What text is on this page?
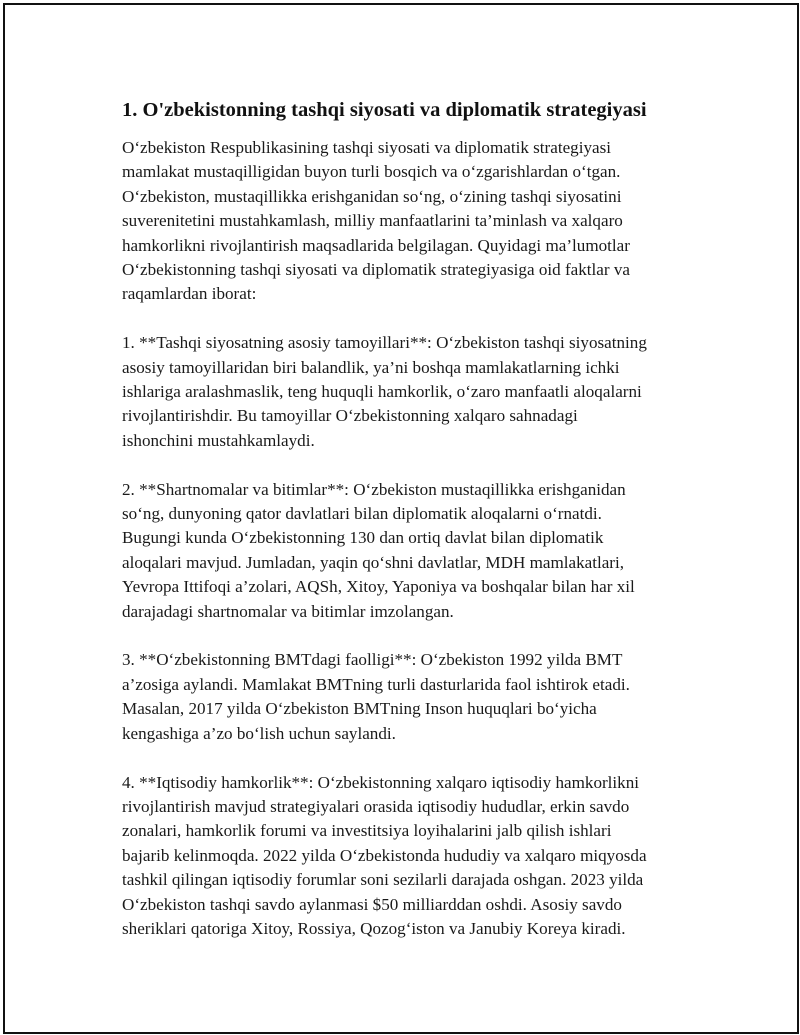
1. O'zbekistonning tashqi siyosati va diplomatik strategiyasi

O‘zbekiston Respublikasining tashqi siyosati va diplomatik strategiyasi
mamlakat mustaqilligidan buyon turli bosqich va o‘zgarishlardan o‘tgan.
O‘zbekiston, mustaqillikka erishganidan so‘ng, o‘zining tashqi siyosatini
suverenitetini mustahkamlash, milliy manfaatlarini ta’minlash va xalqaro
hamkorlikni rivojlantirish maqsadlarida belgilagan. Quyidagi ma’lumotlar
O‘zbekistonning tashqi siyosati va diplomatik strategiyasiga oid faktlar va
raqamlardan iborat:

1. **Tashqi siyosatning asosiy tamoyillari**: O‘zbekiston tashqi siyosatning
asosiy tamoyillaridan biri balandlik, ya’ni boshqa mamlakatlarning ichki
ishlariga aralashmaslik, teng huquqli hamkorlik, o‘zaro manfaatli aloqalarni
rivojlantirishdir. Bu tamoyillar O‘zbekistonning xalqaro sahnadagi
ishonchini mustahkamlaydi.

2. **Shartnomalar va bitimlar**: O‘zbekiston mustaqillikka erishganidan
so‘ng, dunyoning qator davlatlari bilan diplomatik aloqalarni o‘rnatdi.
Bugungi kunda O‘zbekistonning 130 dan ortiq davlat bilan diplomatik
aloqalari mavjud. Jumladan, yaqin qo‘shni davlatlar, MDH mamlakatlari,
Yevropa Ittifoqi a’zolari, AQSh, Xitoy, Yaponiya va boshqalar bilan har xil
darajadagi shartnomalar va bitimlar imzolangan.

3. **O‘zbekistonning BMTdagi faolligi**: O‘zbekiston 1992 yilda BMT
a’zosiga aylandi. Mamlakat BMTning turli dasturlarida faol ishtirok etadi.
Masalan, 2017 yilda O‘zbekiston BMTning Inson huquqlari bo‘yicha
kengashiga a’zo bo‘lish uchun saylandi.

4. **Iqtisodiy hamkorlik**: O‘zbekistonning xalqaro iqtisodiy hamkorlikni
rivojlantirish mavjud strategiyalari orasida iqtisodiy hududlar, erkin savdo
zonalari, hamkorlik forumi va investitsiya loyihalarini jalb qilish ishlari
bajarib kelinmoqda. 2022 yilda O‘zbekistonda hududiy va xalqaro miqyosda
tashkil qilingan iqtisodiy forumlar soni sezilarli darajada oshgan. 2023 yilda
O‘zbekiston tashqi savdo aylanmasi $50 milliarddan oshdi. Asosiy savdo
sheriklari qatoriga Xitoy, Rossiya, Qozog‘iston va Janubiy Koreya kiradi.
